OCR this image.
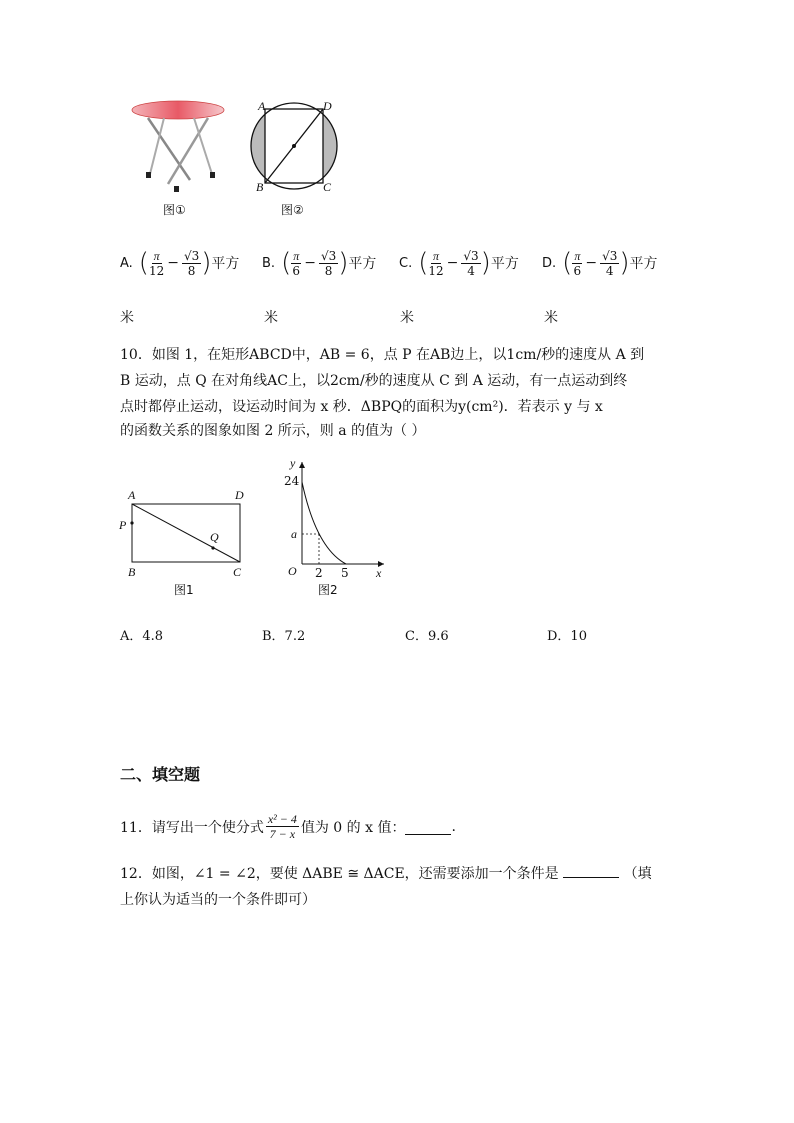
图①
A	D
B	C
图②
A. ( $\frac{\pi}{12} - \frac{√3}{8}$ ) 平方
米
B. ( $\frac{\pi}{6} - \frac{√3}{8}$ ) 平方
米
C. ( $\frac{\pi}{12} - \frac{√3}{4}$ ) 平方
米
D. ( $\frac{\pi}{6} - \frac{√3}{4}$ ) 平方
米
10．如图 1，在矩形ABCD中，AB = 6，点 P 在AB边上，以1cm/秒的速度从 A 到
B 运动，点 Q 在对角线AC上，以2cm/秒的速度从 C 到 A 运动，有一点运动到终
点时都停止运动，设运动时间为 x 秒．ΔBPQ的面积为y(cm²)．若表示 y 与 x
的函数关系的图象如图 2 所示，则 a 的值为（ ）
A	D
P
Q
B	C
图1
y
x
O
24
a
2 5
图2
A．4.8	B．7.2	C．9.6	D．10
二、填空题
11．请写出一个使分式 $\frac{\text{x² − 4}}{7 - x}$ 值为 0 的 x 值：	.
12．如图，∠1 = ∠2，要使 ΔABE ≅ ΔACE，还需要添加一个条件是	（填
上你认为适当的一个条件即可）
